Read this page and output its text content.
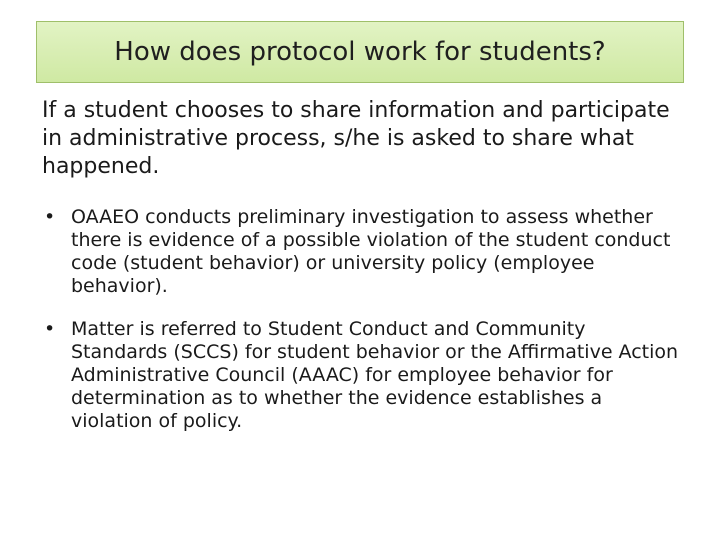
How does protocol work for students?

If a student chooses to share information and participate in administrative process, s/he is asked to share what happened.

• OAAEO conducts preliminary investigation to assess whether there is evidence of a possible violation of the student conduct code (student behavior) or university policy (employee behavior).
• Matter is referred to Student Conduct and Community Standards (SCCS) for student behavior or the Affirmative Action Administrative Council (AAAC) for employee behavior for determination as to whether the evidence establishes a violation of policy.
